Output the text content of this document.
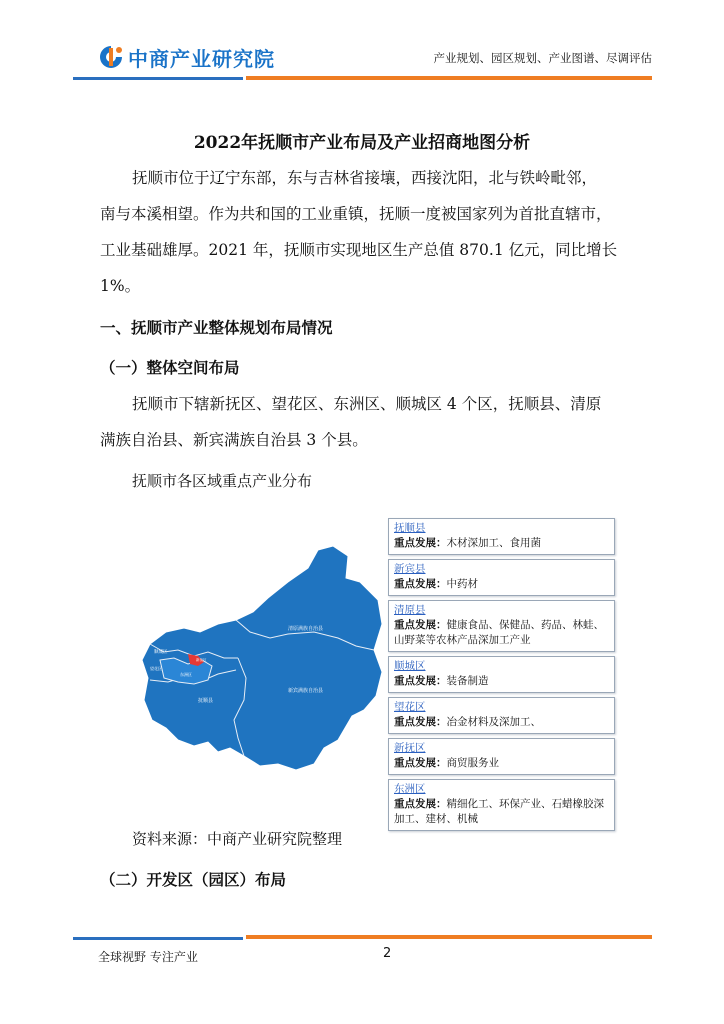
中商产业研究院	产业规划、园区规划、产业图谱、尽调评估
2022年抚顺市产业布局及产业招商地图分析
抚顺市位于辽宁东部，东与吉林省接壤，西接沈阳，北与铁岭毗邻，
南与本溪相望。作为共和国的工业重镇，抚顺一度被国家列为首批直辖市，
工业基础雄厚。2021 年，抚顺市实现地区生产总值 870.1 亿元，同比增长
1%。
一、抚顺市产业整体规划布局情况
（一）整体空间布局
抚顺市下辖新抚区、望花区、东洲区、顺城区 4 个区，抚顺县、清原
满族自治县、新宾满族自治县 3 个县。
抚顺市各区域重点产业分布
清原满族自治县
新宾满族自治县
抚顺县
顺城区
望花区
东洲区
新抚区
抚顺县
重点发展：木材深加工、食用菌
新宾县
重点发展：中药材
清原县
重点发展：健康食品、保健品、药品、林蛙、山野菜等农林产品深加工产业
顺城区
重点发展：装备制造
望花区
重点发展：冶金材料及深加工、
新抚区
重点发展：商贸服务业
东洲区
重点发展：精细化工、环保产业、石蜡橡胶深加工、建材、机械
资料来源：中商产业研究院整理
（二）开发区（园区）布局
全球视野 专注产业	2
